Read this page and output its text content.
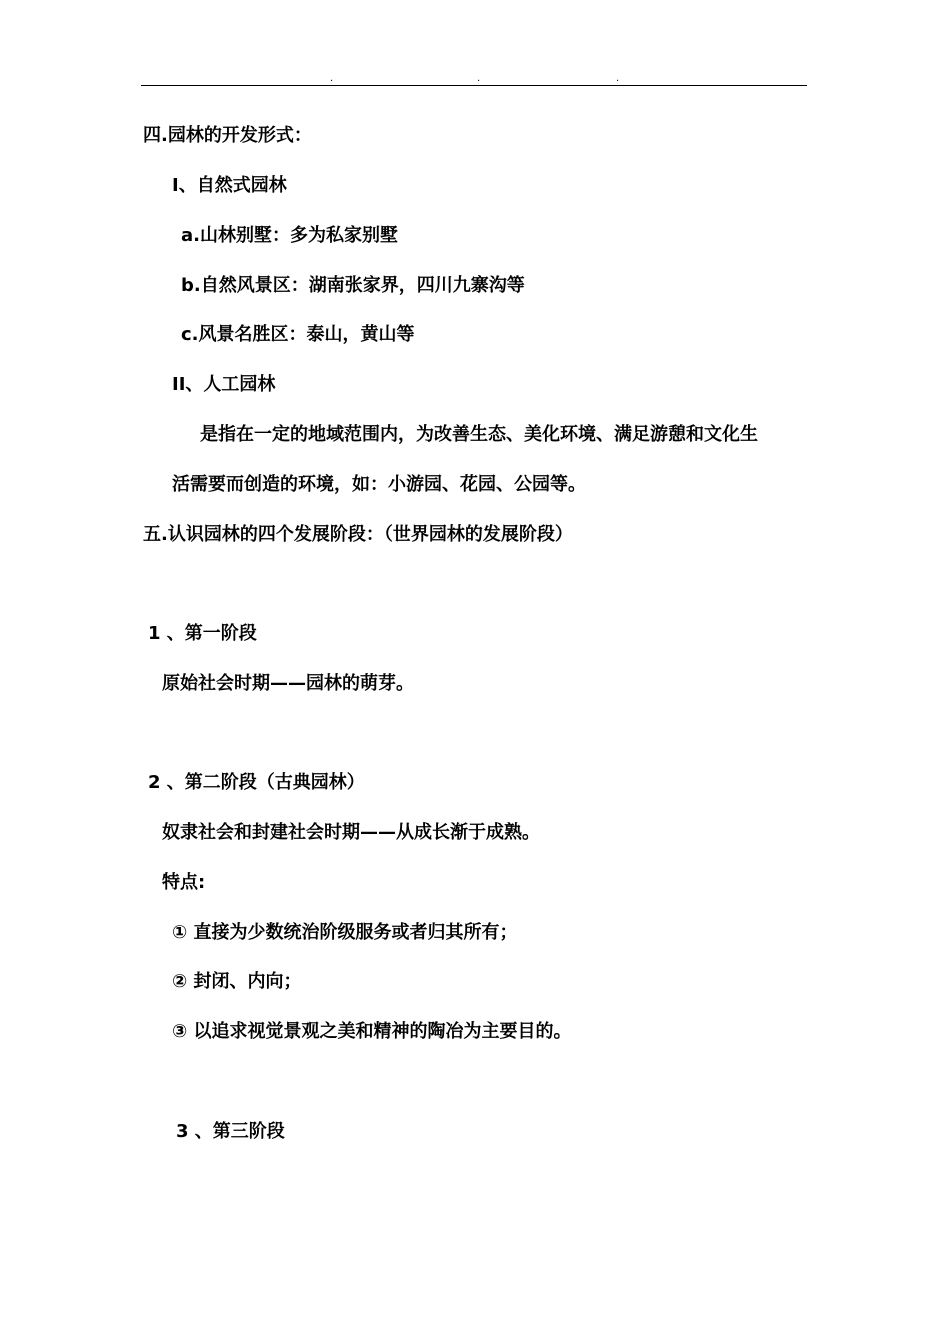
.	.	.
四.园林的开发形式：
I、自然式园林
a.山林别墅：多为私家别墅
b.自然风景区：湖南张家界，四川九寨沟等
c.风景名胜区：泰山，黄山等
II、人工园林
是指在一定的地域范围内，为改善生态、美化环境、满足游憩和文化生
活需要而创造的环境，如：小游园、花园、公园等。
五.认识园林的四个发展阶段：（世界园林的发展阶段）
1 、第一阶段
原始社会时期——园林的萌芽。
2 、第二阶段（古典园林）
奴隶社会和封建社会时期——从成长渐于成熟。
特点:
① 直接为少数统治阶级服务或者归其所有；
② 封闭、内向；
③ 以追求视觉景观之美和精神的陶冶为主要目的。
3 、第三阶段
